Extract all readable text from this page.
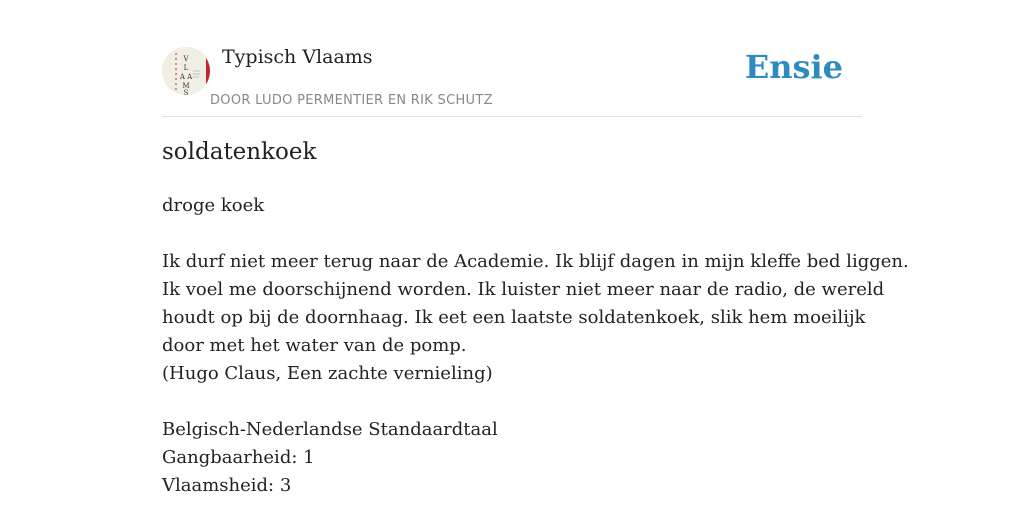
V
L
A A
M
S
Typisch Vlaams
DOOR LUDO PERMENTIER EN RIK SCHUTZ
Ensie
soldatenkoek

droge koek

Ik durf niet meer terug naar de Academie. Ik blijf dagen in mijn kleffe bed liggen.
Ik voel me doorschijnend worden. Ik luister niet meer naar de radio, de wereld
houdt op bij de doornhaag. Ik eet een laatste soldatenkoek, slik hem moeilijk
door met het water van de pomp.
(Hugo Claus, Een zachte vernieling)

Belgisch-Nederlandse Standaardtaal
Gangbaarheid: 1
Vlaamsheid: 3
